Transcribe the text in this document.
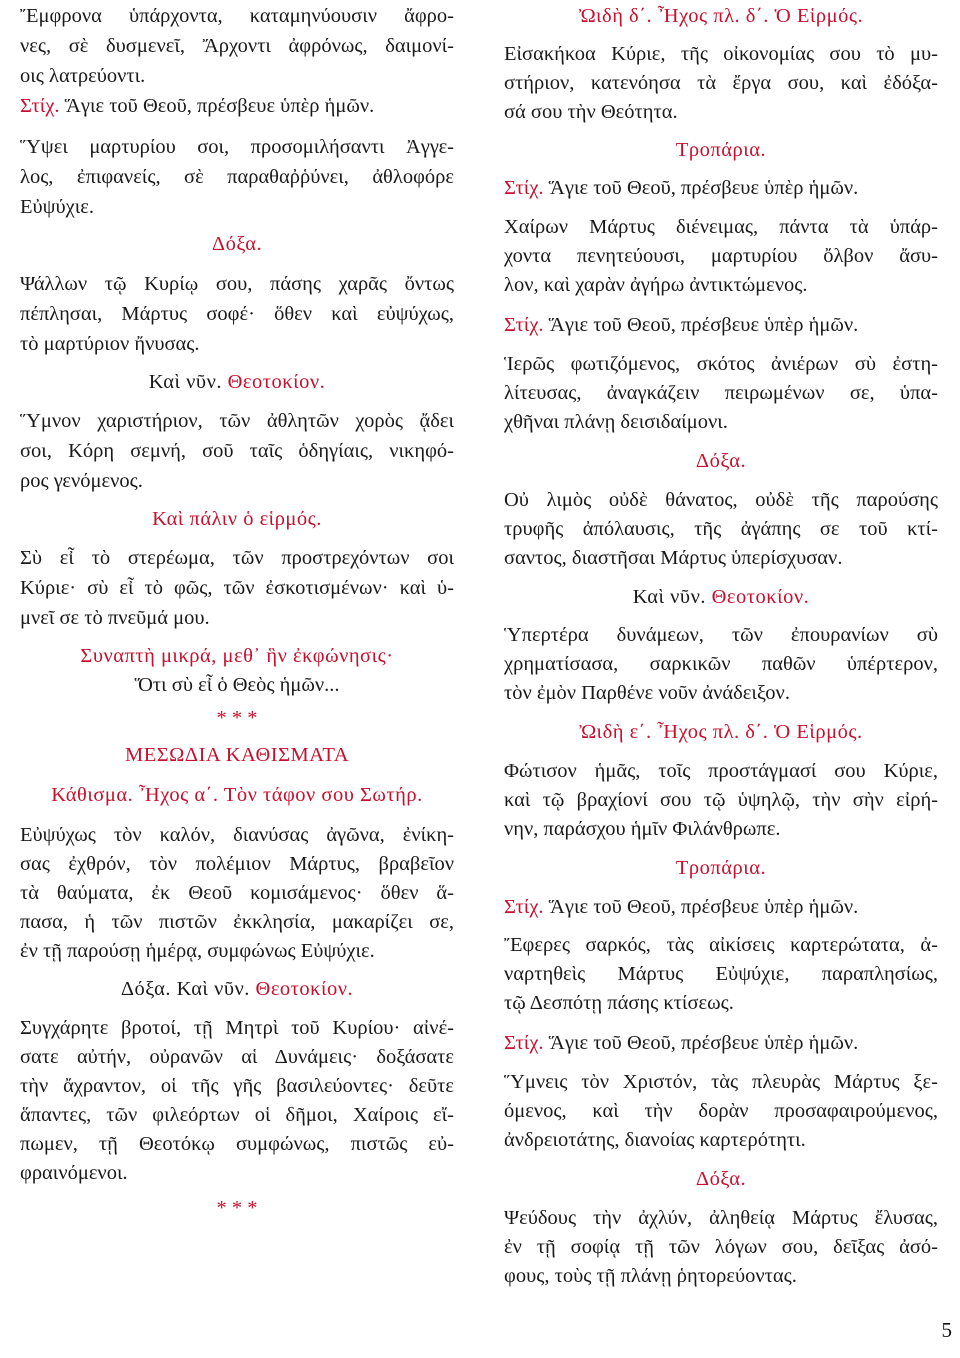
Ἔμφρονα ὑπάρχοντα, καταμηνύουσιν ἄφρο-
νες, σὲ δυσμενεῖ, Ἄρχοντι ἀφρόνως, δαιμονί-
οις λατρεύοντι.
Στίχ. Ἅγιε τοῦ Θεοῦ, πρέσβευε ὑπὲρ ἡμῶν.
Ὕψει μαρτυρίου σοι, προσομιλήσαντι Ἀγγε-
λος, ἐπιφανείς, σὲ παραθαῤῥύνει, ἀθλοφόρε
Εὐψύχιε.
Δόξα.
Ψάλλων τῷ Κυρίῳ σου, πάσης χαρᾶς ὄντως
πέπλησαι, Μάρτυς σοφέ· ὅθεν καὶ εὐψύχως,
τὸ μαρτύριον ἤνυσας.
Καὶ νῦν. Θεοτοκίον.
Ὕμνον χαριστήριον, τῶν ἀθλητῶν χορὸς ᾄδει
σοι, Κόρη σεμνή, σοῦ ταῖς ὁδηγίαις, νικηφό-
ρος γενόμενος.
Καὶ πάλιν ὁ εἱρμός.
Σὺ εἶ τὸ στερέωμα, τῶν προστρεχόντων σοι
Κύριε· σὺ εἶ τὸ φῶς, τῶν ἐσκοτισμένων· καὶ ὑ-
μνεῖ σε τὸ πνεῦμά μου.
Συναπτὴ μικρά, μεθ᾽ ἣν ἐκφώνησις·
Ὅτι σὺ εἶ ὁ Θεὸς ἡμῶν...
* * *
ΜΕΣΩΔΙΑ ΚΑΘΙΣΜΑΤΑ
Κάθισμα. Ἦχος α΄. Τὸν τάφον σου Σωτήρ.
Εὐψύχως τὸν καλόν, διανύσας ἀγῶνα, ἐνίκη-
σας ἐχθρόν, τὸν πολέμιον Μάρτυς, βραβεῖον
τὰ θαύματα, ἐκ Θεοῦ κομισάμενος· ὅθεν ἅ-
πασα, ἡ τῶν πιστῶν ἐκκλησία, μακαρίζει σε,
ἐν τῇ παρούσῃ ἡμέρᾳ, συμφώνως Εὐψύχιε.
Δόξα. Καὶ νῦν. Θεοτοκίον.
Συγχάρητε βροτοί, τῇ Μητρὶ τοῦ Κυρίου· αἰνέ-
σατε αὐτήν, οὐρανῶν αἱ Δυνάμεις· δοξάσατε
τὴν ἄχραντον, οἱ τῆς γῆς βασιλεύοντες· δεῦτε
ἅπαντες, τῶν φιλεόρτων οἱ δῆμοι, Χαίροις εἴ-
πωμεν, τῇ Θεοτόκῳ συμφώνως, πιστῶς εὐ-
φραινόμενοι.
* * *
Ὠιδὴ δ΄. Ἦχος πλ. δ΄. Ὁ Εἱρμός.
Εἰσακήκοα Κύριε, τῆς οἰκονομίας σου τὸ μυ-
στήριον, κατενόησα τὰ ἔργα σου, καὶ ἐδόξα-
σά σου τὴν Θεότητα.
Τροπάρια.
Στίχ. Ἅγιε τοῦ Θεοῦ, πρέσβευε ὑπὲρ ἡμῶν.
Χαίρων Μάρτυς διένειμας, πάντα τὰ ὑπάρ-
χοντα πενητεύουσι, μαρτυρίου ὄλβον ἄσυ-
λον, καὶ χαρὰν ἀγήρω ἀντικτώμενος.
Στίχ. Ἅγιε τοῦ Θεοῦ, πρέσβευε ὑπὲρ ἡμῶν.
Ἱερῶς φωτιζόμενος, σκότος ἀνιέρων σὺ ἐστη-
λίτευσας, ἀναγκάζειν πειρωμένων σε, ὑπα-
χθῆναι πλάνῃ δεισιδαίμονι.
Δόξα.
Οὐ λιμὸς οὐδὲ θάνατος, οὐδὲ τῆς παρούσης
τρυφῆς ἀπόλαυσις, τῆς ἀγάπης σε τοῦ κτί-
σαντος, διαστῆσαι Μάρτυς ὑπερίσχυσαν.
Καὶ νῦν. Θεοτοκίον.
Ὑπερτέρα δυνάμεων, τῶν ἐπουρανίων σὺ
χρηματίσασα, σαρκικῶν παθῶν ὑπέρτερον,
τὸν ἐμὸν Παρθένε νοῦν ἀνάδειξον.
Ὠιδὴ ε΄. Ἦχος πλ. δ΄. Ὁ Εἱρμός.
Φώτισον ἡμᾶς, τοῖς προστάγμασί σου Κύριε,
καὶ τῷ βραχίονί σου τῷ ὑψηλῷ, τὴν σὴν εἰρή-
νην, παράσχου ἡμῖν Φιλάνθρωπε.
Τροπάρια.
Στίχ. Ἅγιε τοῦ Θεοῦ, πρέσβευε ὑπὲρ ἡμῶν.
Ἔφερες σαρκός, τὰς αἰκίσεις καρτερώτατα, ἀ-
ναρτηθεὶς Μάρτυς Εὐψύχιε, παραπλησίως,
τῷ Δεσπότῃ πάσης κτίσεως.
Στίχ. Ἅγιε τοῦ Θεοῦ, πρέσβευε ὑπὲρ ἡμῶν.
Ὕμνεις τὸν Χριστόν, τὰς πλευρὰς Μάρτυς ξε-
όμενος, καὶ τὴν δορὰν προσαφαιρούμενος,
ἀνδρειοτάτης, διανοίας καρτερότητι.
Δόξα.
Ψεύδους τὴν ἀχλύν, ἀληθείᾳ Μάρτυς ἔλυσας,
ἐν τῇ σοφίᾳ τῇ τῶν λόγων σου, δεῖξας ἀσό-
φους, τοὺς τῇ πλάνῃ ῥητορεύοντας.
5
